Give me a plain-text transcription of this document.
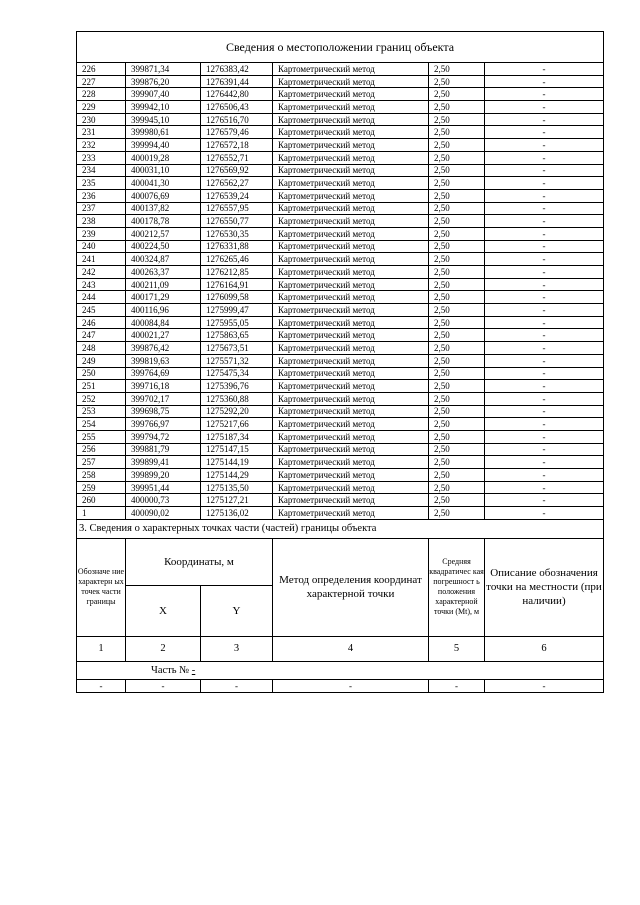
Сведения о местоположении границ объекта					
226	399871,34	1276383,42	Картометрический метод	2,50	-
227	399876,20	1276391,44	Картометрический метод	2,50	-
228	399907,40	1276442,80	Картометрический метод	2,50	-
229	399942,10	1276506,43	Картометрический метод	2,50	-
230	399945,10	1276516,70	Картометрический метод	2,50	-
231	399980,61	1276579,46	Картометрический метод	2,50	-
232	399994,40	1276572,18	Картометрический метод	2,50	-
233	400019,28	1276552,71	Картометрический метод	2,50	-
234	400031,10	1276569,92	Картометрический метод	2,50	-
235	400041,30	1276562,27	Картометрический метод	2,50	-
236	400076,69	1276539,24	Картометрический метод	2,50	-
237	400137,82	1276557,95	Картометрический метод	2,50	-
238	400178,78	1276550,77	Картометрический метод	2,50	-
239	400212,57	1276530,35	Картометрический метод	2,50	-
240	400224,50	1276331,88	Картометрический метод	2,50	-
241	400324,87	1276265,46	Картометрический метод	2,50	-
242	400263,37	1276212,85	Картометрический метод	2,50	-
243	400211,09	1276164,91	Картометрический метод	2,50	-
244	400171,29	1276099,58	Картометрический метод	2,50	-
245	400116,96	1275999,47	Картометрический метод	2,50	-
246	400084,84	1275955,05	Картометрический метод	2,50	-
247	400021,27	1275863,65	Картометрический метод	2,50	-
248	399876,42	1275673,51	Картометрический метод	2,50	-
249	399819,63	1275571,32	Картометрический метод	2,50	-
250	399764,69	1275475,34	Картометрический метод	2,50	-
251	399716,18	1275396,76	Картометрический метод	2,50	-
252	399702,17	1275360,88	Картометрический метод	2,50	-
253	399698,75	1275292,20	Картометрический метод	2,50	-
254	399766,97	1275217,66	Картометрический метод	2,50	-
255	399794,72	1275187,34	Картометрический метод	2,50	-
256	399881,79	1275147,15	Картометрический метод	2,50	-
257	399899,41	1275144,19	Картометрический метод	2,50	-
258	399899,20	1275144,29	Картометрический метод	2,50	-
259	399951,44	1275135,50	Картометрический метод	2,50	-
260	400000,73	1275127,21	Картометрический метод	2,50	-
1	400090,02	1275136,02	Картометрический метод	2,50	-
3. Сведения о характерных точках части (частей) границы объекта					
Обозначе ние характерн ых точек части границы	Координаты, м		Метод определения координат характерной точки	Средняя квадратичес кая погрешност ь положения характерной точки (Mt), м	Описание обозначения точки на местности (при наличии)
	X	Y			
1	2	3	4	5	6
Часть № -					
-	-	-	-	-	-
